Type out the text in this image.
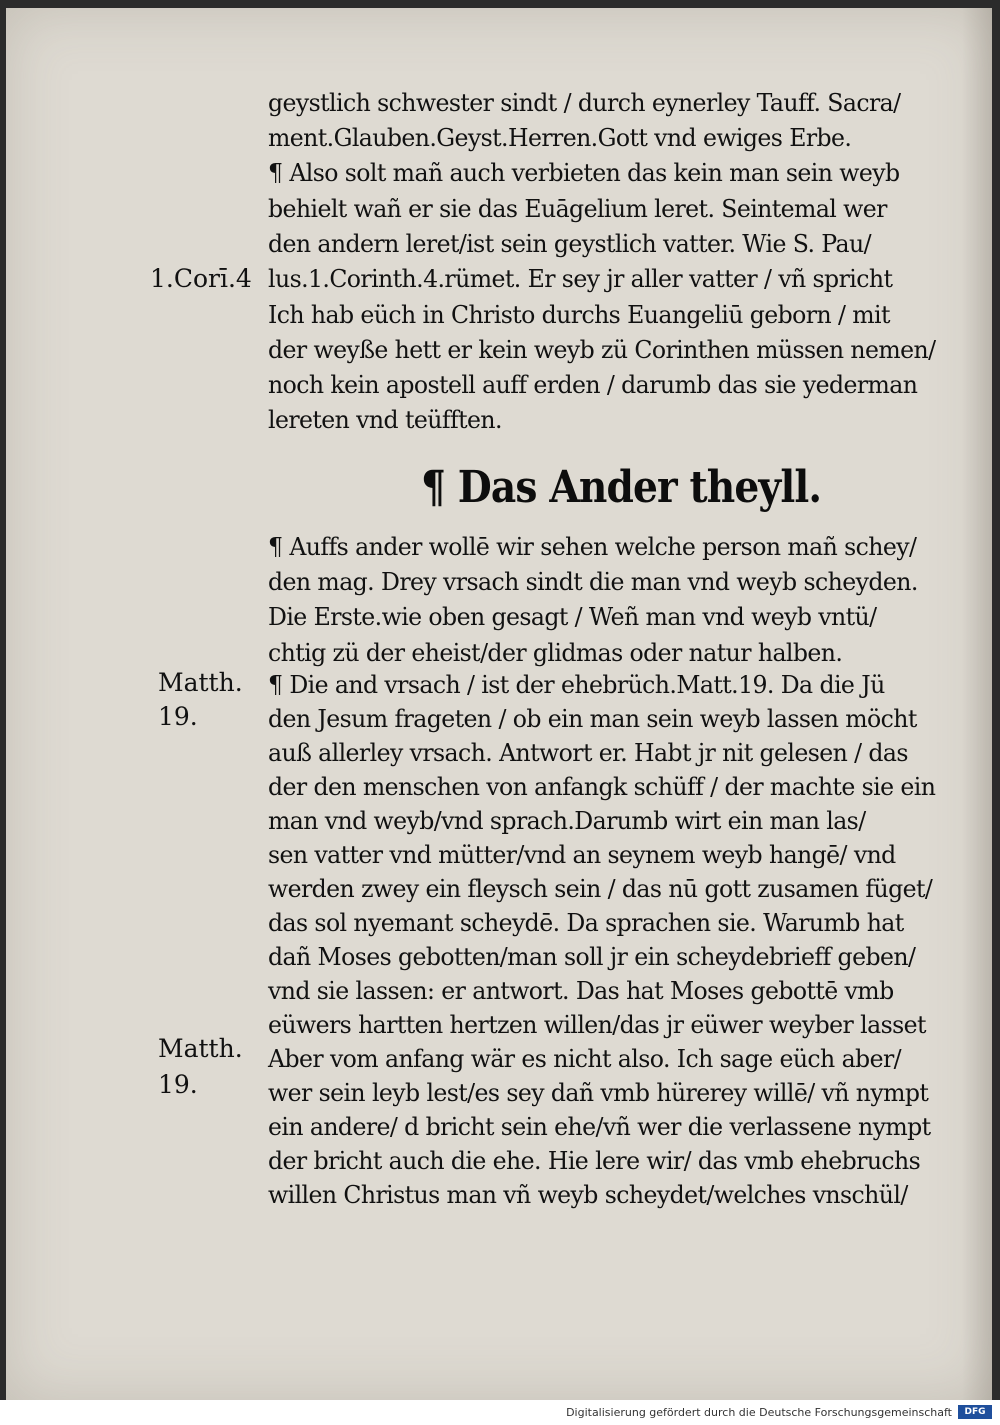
¶ Das Ander theyll.
1.Corī.4
Matth.
19.
Matth.
19.
geystlich schwester sindt / durch eynerley Tauff. Sacra/
ment.Glauben.Geyst.Herren.Gott vnd ewiges Erbe.
¶ Also solt mañ auch verbieten das kein man sein weyb
behielt wañ er sie das Euāgelium leret. Seintemal wer
den andern leret/ist sein geystlich vatter. Wie S. Pau/
lus.1.Corinth.4.rümet. Er sey jr aller vatter / vñ spricht
Ich hab eüch in Christo durchs Euangeliū geborn / mit
der weyße hett er kein weyb zü Corinthen müssen nemen/
noch kein apostell auff erden / darumb das sie yederman
lereten vnd teüfften.
¶ Auffs ander wollē wir sehen welche person mañ schey/
den mag. Drey vrsach sindt die man vnd weyb scheyden.
Die Erste.wie oben gesagt / Weñ man vnd weyb vntü/
chtig zü der eheist/der glidmas oder natur halben.
¶ Die and vrsach / ist der ehebrüch.Matt.19. Da die Jü
den Jesum frageten / ob ein man sein weyb lassen möcht
auß allerley vrsach. Antwort er. Habt jr nit gelesen / das
der den menschen von anfangk schüff / der machte sie ein
man vnd weyb/vnd sprach.Darumb wirt ein man las/
sen vatter vnd mütter/vnd an seynem weyb hangē/ vnd
werden zwey ein fleysch sein / das nū gott zusamen füget/
das sol nyemant scheydē. Da sprachen sie. Warumb hat
dañ Moses gebotten/man soll jr ein scheydebrieff geben/
vnd sie lassen: er antwort. Das hat Moses gebottē vmb
eüwers hartten hertzen willen/das jr eüwer weyber lasset
Aber vom anfang wär es nicht also. Ich sage eüch aber/
wer sein leyb lest/es sey dañ vmb hürerey willē/ vñ nympt
ein andere/ d bricht sein ehe/vñ wer die verlassene nympt
der bricht auch die ehe. Hie lere wir/ das vmb ehebruchs
willen Christus man vñ weyb scheydet/welches vnschül/
Digitalisierung gefördert durch die Deutsche Forschungsgemeinschaft	DFG
